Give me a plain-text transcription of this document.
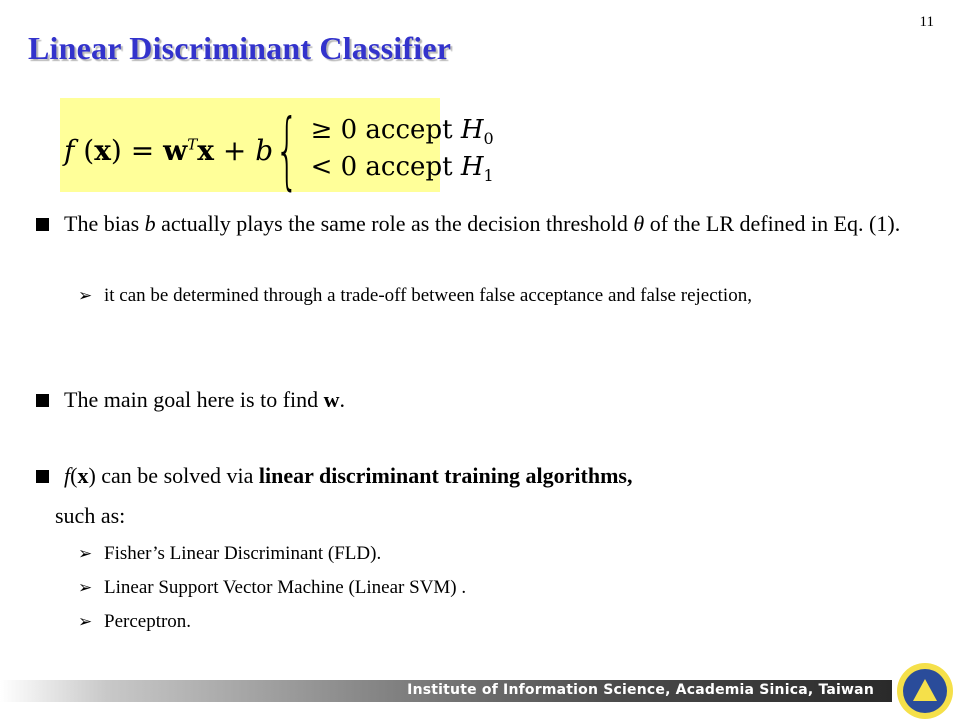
11
Linear Discriminant Classifier
f $(x) = w^Tx + b$ { ≥ 0 accept $H_0$
< 0 accept $H_1$
The bias b actually plays the same role as the decision threshold θ of the LR defined in Eq. (1).
➢ it can be determined through a trade-off between false acceptance and false rejection,
The main goal here is to find w.
f(x) can be solved via linear discriminant training algorithms,
such as:
➢ Fisher’s Linear Discriminant (FLD).
➢ Linear Support Vector Machine (Linear SVM) .
➢ Perceptron.
Institute of Information Science, Academia Sinica, Taiwan
